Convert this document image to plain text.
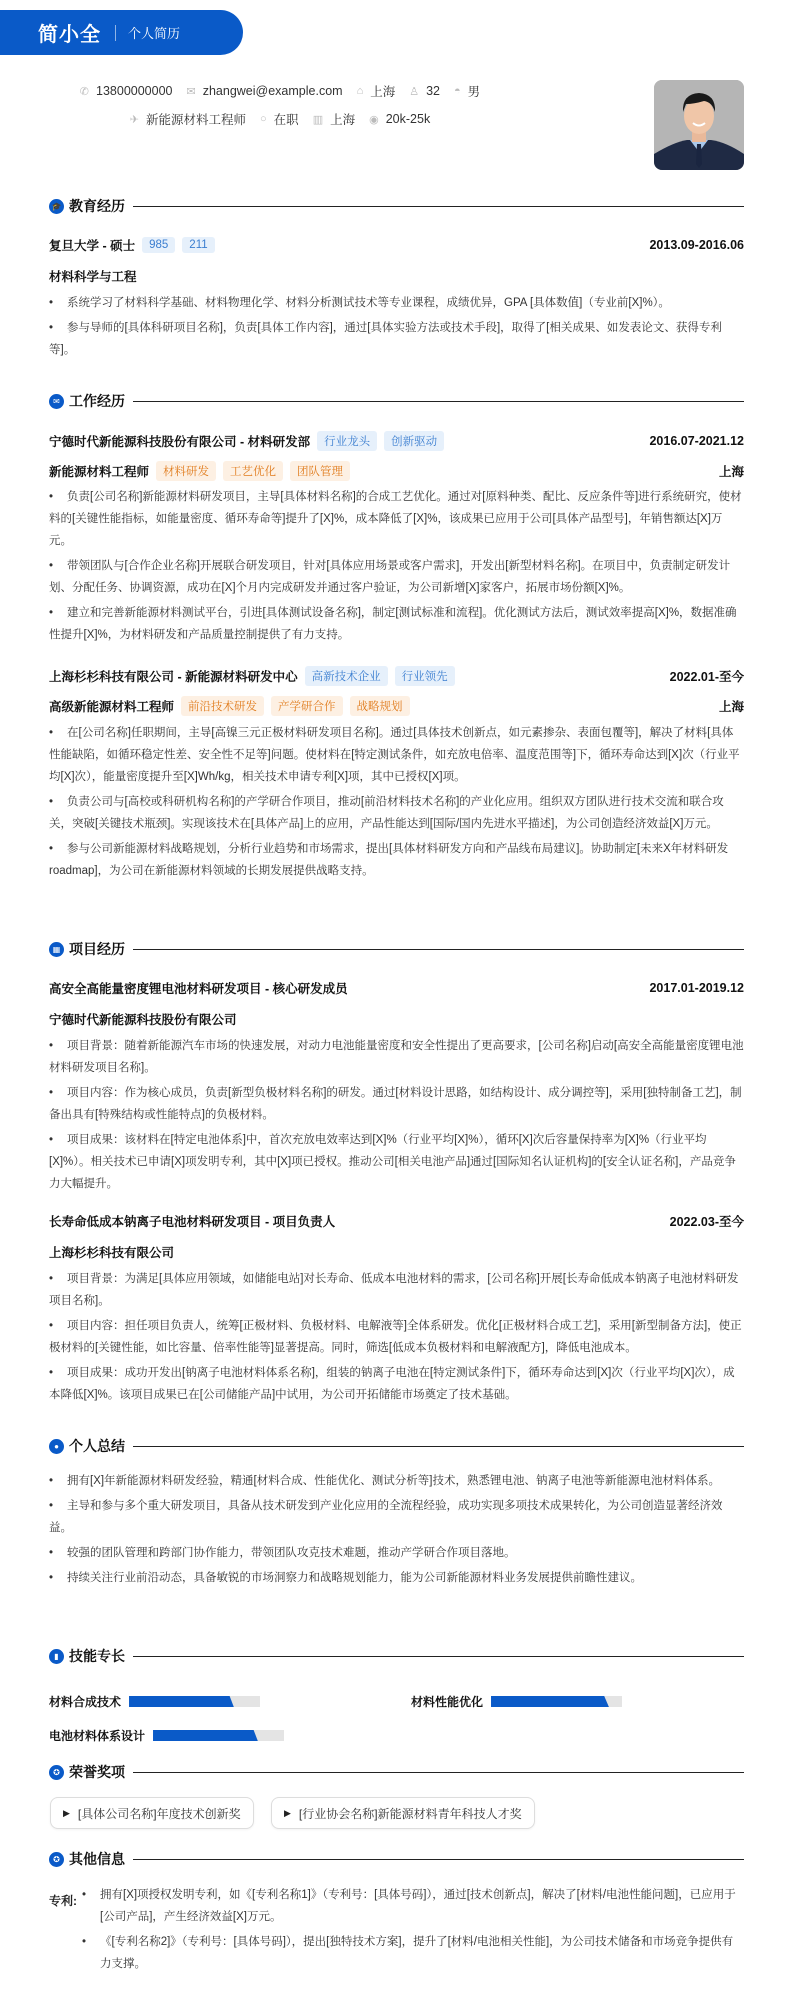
简小全 个人简历
✆ 13800000000 ✉ zhangwei@example.com ⌂ 上海 ♙ 32 ◓ 男
✈ 新能源材料工程师 ○ 在职 ▥ 上海 ◉ 20k-25k
🎓 教育经历
复旦大学 - 硕士	985	211	2013.09-2016.06
材料科学与工程
• 系统学习了材料科学基础、材料物理化学、材料分析测试技术等专业课程，成绩优异，GPA [具体数值]（专业前[X]%）。
• 参与导师的[具体科研项目名称]，负责[具体工作内容]，通过[具体实验方法或技术手段]，取得了[相关成果、如发表论文、获得专利等]。
✉ 工作经历
宁德时代新能源科技股份有限公司 - 材料研发部	行业龙头	创新驱动	2016.07-2021.12
新能源材料工程师	材料研发	工艺优化	团队管理	上海
• 负责[公司名称]新能源材料研发项目，主导[具体材料名称]的合成工艺优化。通过对[原料种类、配比、反应条件等]进行系统研究，使材料的[关键性能指标，如能量密度、循环寿命等]提升了[X]%，成本降低了[X]%，该成果已应用于公司[具体产品型号]，年销售额达[X]万元。
• 带领团队与[合作企业名称]开展联合研发项目，针对[具体应用场景或客户需求]，开发出[新型材料名称]。在项目中，负责制定研发计划、分配任务、协调资源，成功在[X]个月内完成研发并通过客户验证，为公司新增[X]家客户，拓展市场份额[X]%。
• 建立和完善新能源材料测试平台，引进[具体测试设备名称]，制定[测试标准和流程]。优化测试方法后，测试效率提高[X]%，数据准确性提升[X]%，为材料研发和产品质量控制提供了有力支持。
上海杉杉科技有限公司 - 新能源材料研发中心	高新技术企业	行业领先	2022.01-至今
高级新能源材料工程师	前沿技术研发	产学研合作	战略规划	上海
• 在[公司名称]任职期间，主导[高镍三元正极材料研发项目名称]。通过[具体技术创新点，如元素掺杂、表面包覆等]，解决了材料[具体性能缺陷，如循环稳定性差、安全性不足等]问题。使材料在[特定测试条件，如充放电倍率、温度范围等]下，循环寿命达到[X]次（行业平均[X]次），能量密度提升至[X]Wh/kg，相关技术申请专利[X]项，其中已授权[X]项。
• 负责公司与[高校或科研机构名称]的产学研合作项目，推动[前沿材料技术名称]的产业化应用。组织双方团队进行技术交流和联合攻关，突破[关键技术瓶颈]。实现该技术在[具体产品]上的应用，产品性能达到[国际/国内先进水平描述]，为公司创造经济效益[X]万元。
• 参与公司新能源材料战略规划，分析行业趋势和市场需求，提出[具体材料研发方向和产品线布局建议]。协助制定[未来X年材料研发 roadmap]，为公司在新能源材料领域的长期发展提供战略支持。
▦ 项目经历
高安全高能量密度锂电池材料研发项目 - 核心研发成员	2017.01-2019.12
宁德时代新能源科技股份有限公司
• 项目背景：随着新能源汽车市场的快速发展，对动力电池能量密度和安全性提出了更高要求，[公司名称]启动[高安全高能量密度锂电池材料研发项目名称]。
• 项目内容：作为核心成员，负责[新型负极材料名称]的研发。通过[材料设计思路，如结构设计、成分调控等]，采用[独特制备工艺]，制备出具有[特殊结构或性能特点]的负极材料。
• 项目成果：该材料在[特定电池体系]中，首次充放电效率达到[X]%（行业平均[X]%），循环[X]次后容量保持率为[X]%（行业平均[X]%）。相关技术已申请[X]项发明专利，其中[X]项已授权。推动公司[相关电池产品]通过[国际知名认证机构]的[安全认证名称]，产品竞争力大幅提升。
长寿命低成本钠离子电池材料研发项目 - 项目负责人	2022.03-至今
上海杉杉科技有限公司
• 项目背景：为满足[具体应用领域，如储能电站]对长寿命、低成本电池材料的需求，[公司名称]开展[长寿命低成本钠离子电池材料研发项目名称]。
• 项目内容：担任项目负责人，统筹[正极材料、负极材料、电解液等]全体系研发。优化[正极材料合成工艺]，采用[新型制备方法]，使正极材料的[关键性能，如比容量、倍率性能等]显著提高。同时，筛选[低成本负极材料和电解液配方]，降低电池成本。
• 项目成果：成功开发出[钠离子电池材料体系名称]，组装的钠离子电池在[特定测试条件]下，循环寿命达到[X]次（行业平均[X]次），成本降低[X]%。该项目成果已在[公司储能产品]中试用，为公司开拓储能市场奠定了技术基础。
● 个人总结
• 拥有[X]年新能源材料研发经验，精通[材料合成、性能优化、测试分析等]技术，熟悉锂电池、钠离子电池等新能源电池材料体系。
• 主导和参与多个重大研发项目，具备从技术研发到产业化应用的全流程经验，成功实现多项技术成果转化，为公司创造显著经济效益。
• 较强的团队管理和跨部门协作能力，带领团队攻克技术难题，推动产学研合作项目落地。
• 持续关注行业前沿动态，具备敏锐的市场洞察力和战略规划能力，能为公司新能源材料业务发展提供前瞻性建议。
▮ 技能专长
材料合成技术	材料性能优化
电池材料体系设计
✪ 荣誉奖项
▶ [具体公司名称]年度技术创新奖	▶ [行业协会名称]新能源材料青年科技人才奖
✪ 其他信息
专利: • 拥有[X]项授权发明专利，如《[专利名称1]》（专利号：[具体号码]），通过[技术创新点]，解决了[材料/电池性能问题]，已应用于[公司产品]，产生经济效益[X]万元。
• 《[专利名称2]》（专利号：[具体号码]），提出[独特技术方案]，提升了[材料/电池相关性能]，为公司技术储备和市场竞争提供有力支撑。
